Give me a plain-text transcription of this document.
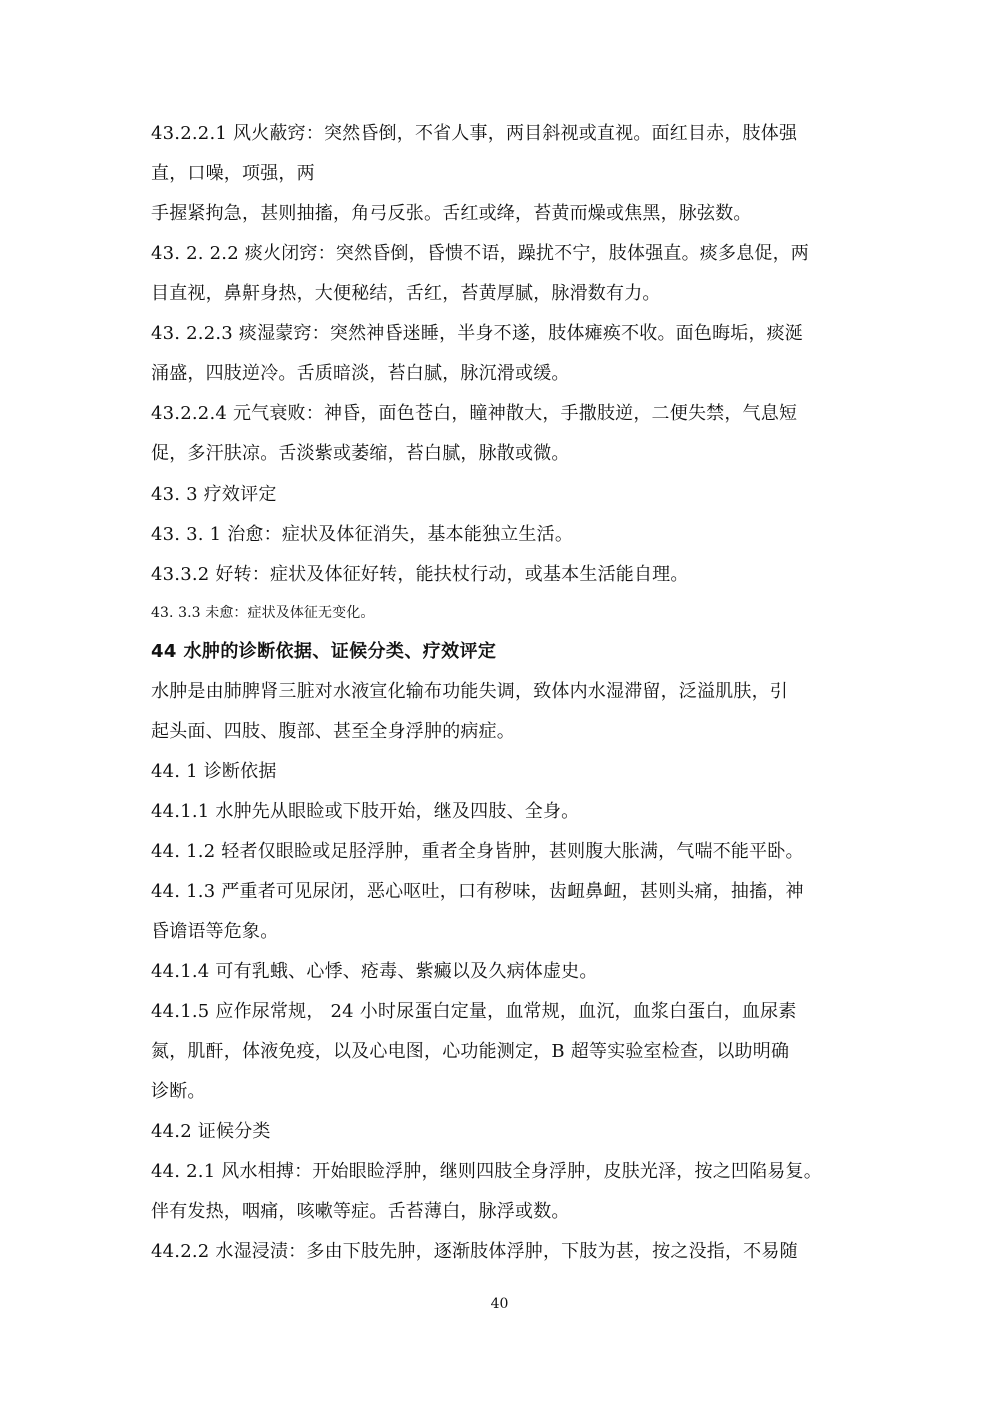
43.2.2.1 风火蔽窍：突然昏倒，不省人事，两目斜视或直视。面红目赤，肢体强
直，口噪，项强，两
手握紧拘急，甚则抽搐，角弓反张。舌红或绛，苔黄而燥或焦黑，脉弦数。
43. 2. 2.2 痰火闭窍：突然昏倒，昏愦不语，躁扰不宁，肢体强直。痰多息促，两
目直视，鼻鼾身热，大便秘结，舌红，苔黄厚腻，脉滑数有力。
43. 2.2.3 痰湿蒙窍：突然神昏迷睡，半身不遂，肢体瘫痪不收。面色晦垢，痰涎
涌盛，四肢逆冷。舌质暗淡，苔白腻，脉沉滑或缓。
43.2.2.4 元气衰败：神昏，面色苍白，瞳神散大，手撒肢逆，二便失禁，气息短
促，多汗肤凉。舌淡紫或萎缩，苔白腻，脉散或微。
43. 3 疗效评定
43. 3. 1 治愈：症状及体征消失，基本能独立生活。
43.3.2 好转：症状及体征好转，能扶杖行动，或基本生活能自理。
43. 3.3 未愈：症状及体征无变化。
44 水肿的诊断依据、证候分类、疗效评定
水肿是由肺脾肾三脏对水液宣化输布功能失调，致体内水湿滞留，泛溢肌肤，引
起头面、四肢、腹部、甚至全身浮肿的病症。
44. 1 诊断依据
44.1.1 水肿先从眼睑或下肢开始，继及四肢、全身。
44. 1.2 轻者仅眼睑或足胫浮肿，重者全身皆肿，甚则腹大胀满，气喘不能平卧。
44. 1.3 严重者可见尿闭，恶心呕吐，口有秽味，齿衄鼻衄，甚则头痛，抽搐，神
昏谵语等危象。
44.1.4 可有乳蛾、心悸、疮毒、紫癜以及久病体虚史。
44.1.5 应作尿常规， 24 小时尿蛋白定量，血常规，血沉，血浆白蛋白，血尿素
氮，肌酐，体液免疫，以及心电图，心功能测定，B 超等实验室检查，以助明确
诊断。
44.2 证候分类
44. 2.1 风水相搏：开始眼睑浮肿，继则四肢全身浮肿，皮肤光泽，按之凹陷易复。
伴有发热，咽痛，咳嗽等症。舌苔薄白，脉浮或数。
44.2.2 水湿浸渍：多由下肢先肿，逐渐肢体浮肿，下肢为甚，按之没指，不易随
40
